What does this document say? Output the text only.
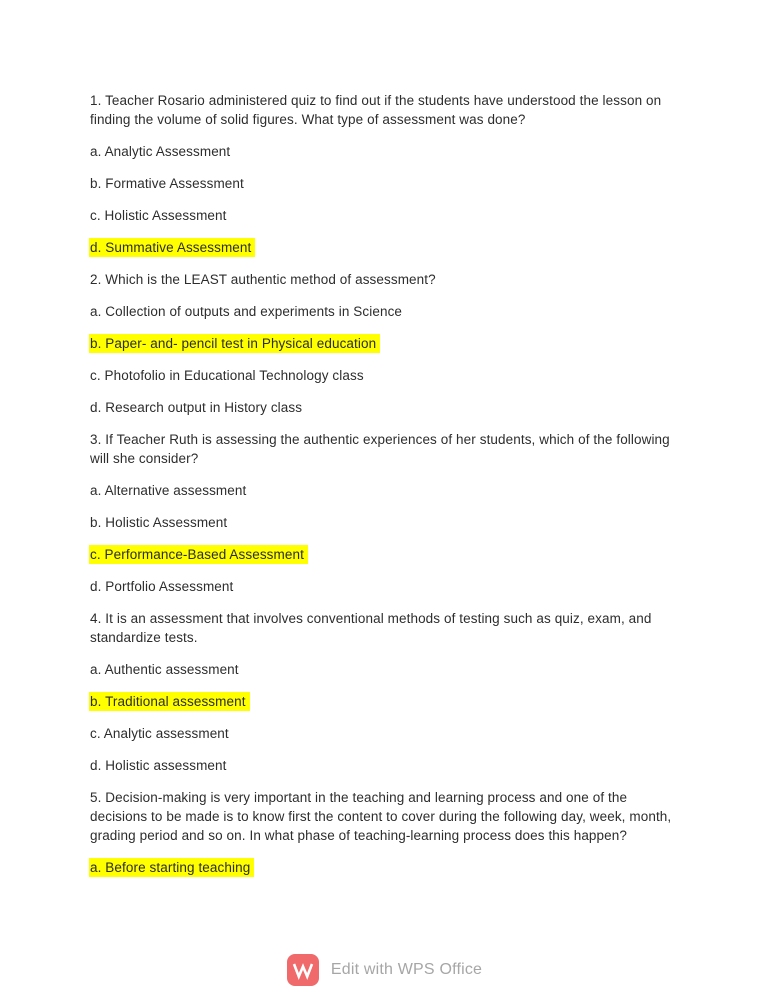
1. Teacher Rosario administered quiz to find out if the students have understood the lesson on finding the volume of solid figures. What type of assessment was done?

a. Analytic Assessment

b. Formative Assessment

c. Holistic Assessment

d. Summative Assessment

2. Which is the LEAST authentic method of assessment?

a. Collection of outputs and experiments in Science

b. Paper- and- pencil test in Physical education

c. Photofolio in Educational Technology class

d. Research output in History class

3. If Teacher Ruth is assessing the authentic experiences of her students, which of the following will she consider?

a. Alternative assessment

b. Holistic Assessment

c. Performance-Based Assessment

d. Portfolio Assessment

4. It is an assessment that involves conventional methods of testing such as quiz, exam, and standardize tests.

a. Authentic assessment

b. Traditional assessment

c. Analytic assessment

d. Holistic assessment

5. Decision-making is very important in the teaching and learning process and one of the decisions to be made is to know first the content to cover during the following day, week, month, grading period and so on. In what phase of teaching-learning process does this happen?

a. Before starting teaching

Edit with WPS Office
